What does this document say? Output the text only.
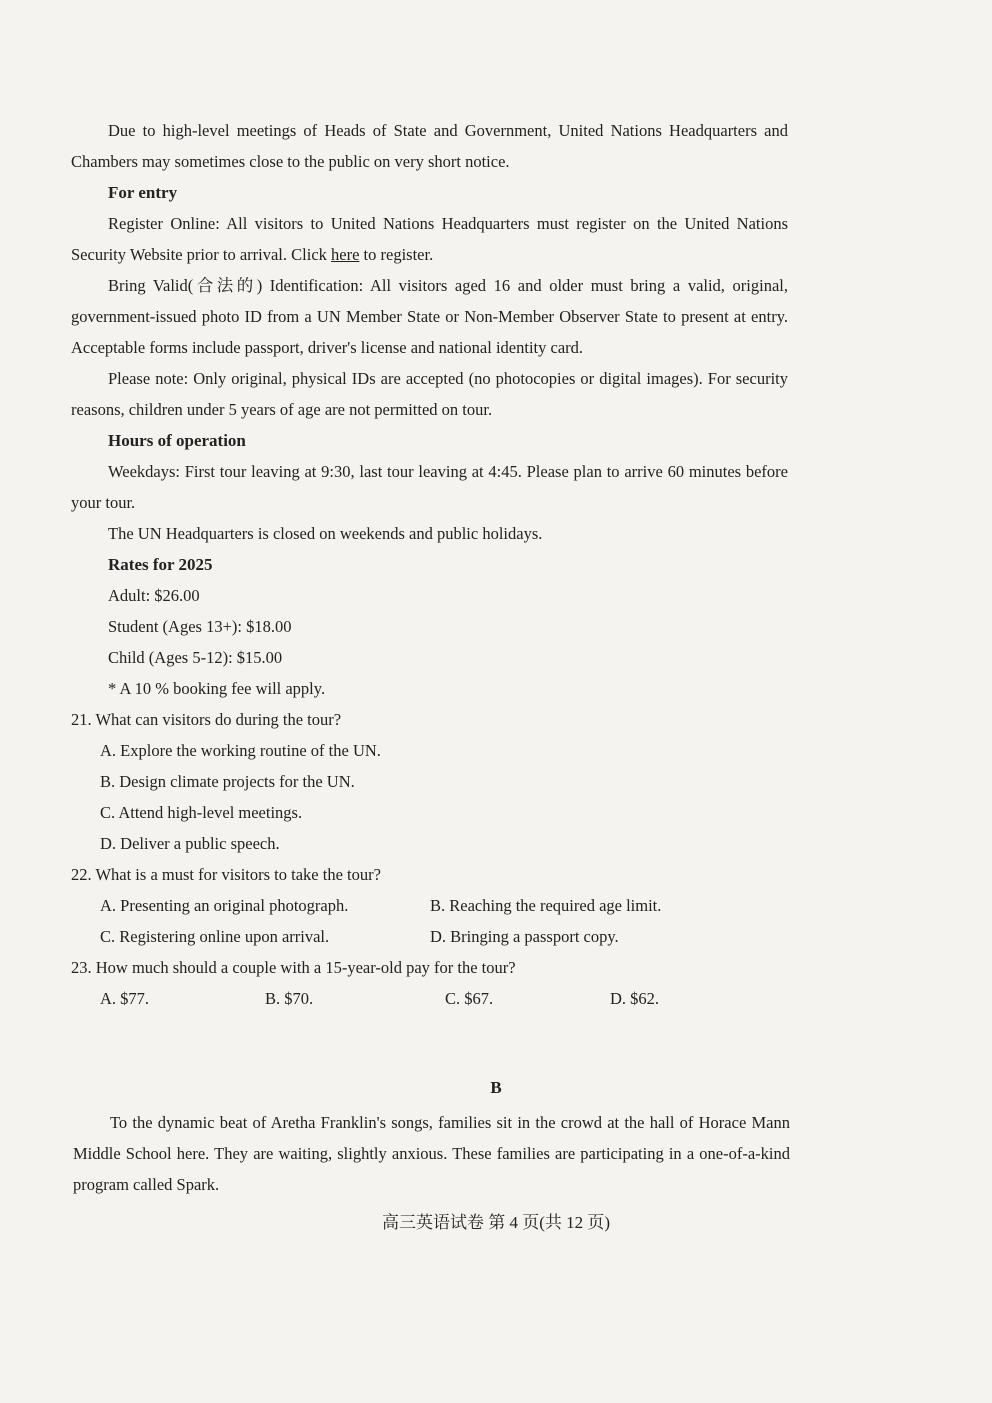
Due to high-level meetings of Heads of State and Government, United Nations Headquarters and Chambers may sometimes close to the public on very short notice.

For entry

Register Online: All visitors to United Nations Headquarters must register on the United Nations Security Website prior to arrival. Click here to register.

Bring Valid(合法的) Identification: All visitors aged 16 and older must bring a valid, original, government-issued photo ID from a UN Member State or Non-Member Observer State to present at entry. Acceptable forms include passport, driver's license and national identity card.

Please note: Only original, physical IDs are accepted (no photocopies or digital images). For security reasons, children under 5 years of age are not permitted on tour.

Hours of operation

Weekdays: First tour leaving at 9:30, last tour leaving at 4:45. Please plan to arrive 60 minutes before your tour.

The UN Headquarters is closed on weekends and public holidays.

Rates for 2025

Adult: $26.00

Student (Ages 13+): $18.00

Child (Ages 5-12): $15.00

* A 10 % booking fee will apply.

21. What can visitors do during the tour?

A. Explore the working routine of the UN.

B. Design climate projects for the UN.

C. Attend high-level meetings.

D. Deliver a public speech.

22. What is a must for visitors to take the tour?

A. Presenting an original photograph.	B. Reaching the required age limit.
C. Registering online upon arrival.	D. Bringing a passport copy.

23. How much should a couple with a 15-year-old pay for the tour?

A. $77.	B. $70.	C. $67.	D. $62.
B

To the dynamic beat of Aretha Franklin's songs, families sit in the crowd at the hall of Horace Mann Middle School here. They are waiting, slightly anxious. These families are participating in a one-of-a-kind program called Spark.

高三英语试卷 第 4 页(共 12 页)
